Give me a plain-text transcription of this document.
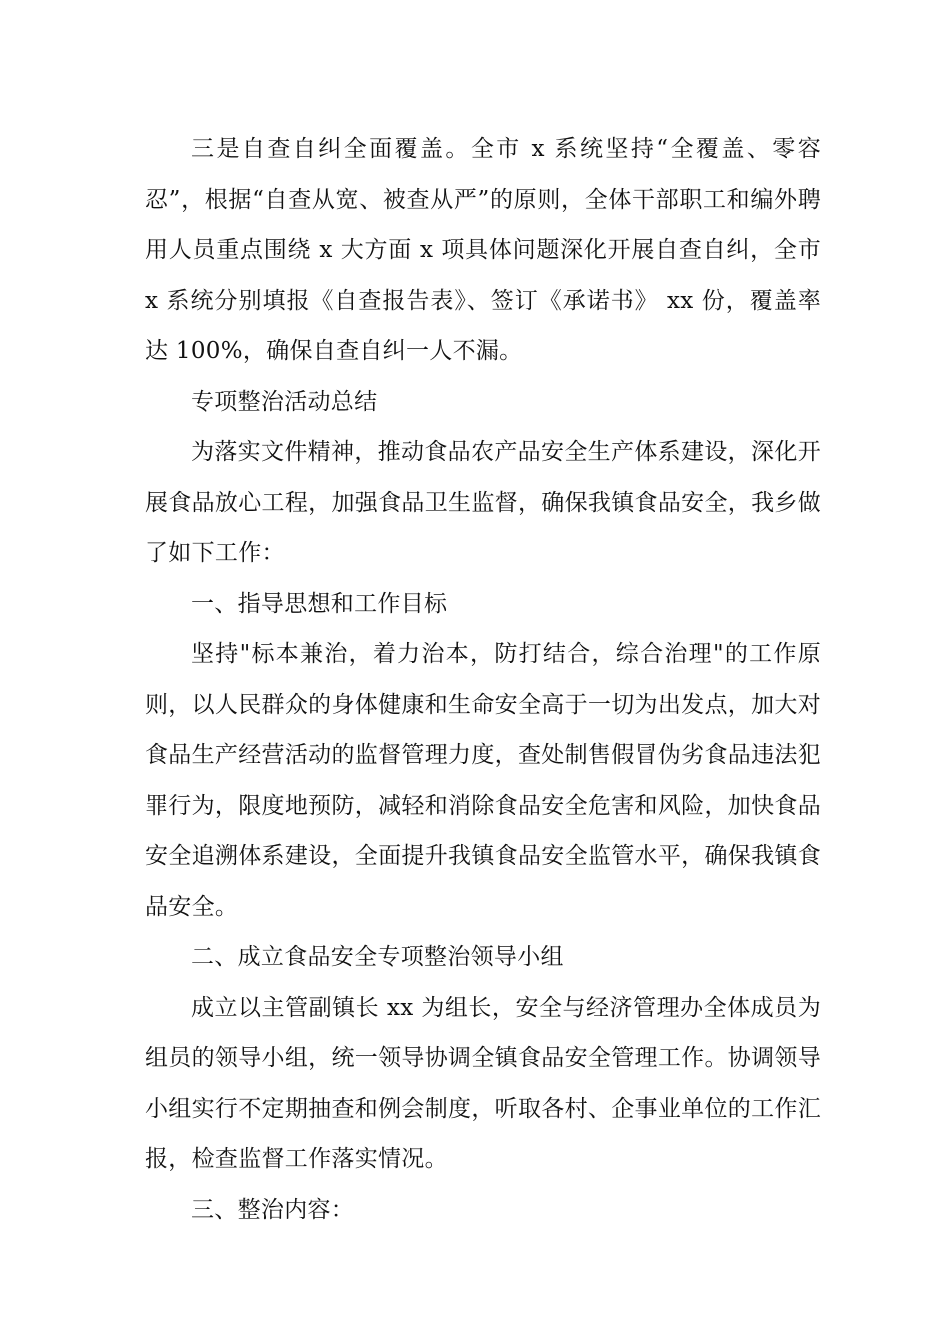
三是自查自纠全面覆盖。全市 x 系统坚持“全覆盖、零容忍”，根据“自查从宽、被查从严”的原则，全体干部职工和编外聘用人员重点围绕 x 大方面 x 项具体问题深化开展自查自纠，全市 x 系统分别填报《自查报告表》、签订《承诺书》 xx 份，覆盖率达 100%，确保自查自纠一人不漏。

专项整治活动总结

为落实文件精神，推动食品农产品安全生产体系建设，深化开展食品放心工程，加强食品卫生监督，确保我镇食品安全，我乡做了如下工作：

一、指导思想和工作目标

坚持"标本兼治，着力治本，防打结合，综合治理"的工作原则，以人民群众的身体健康和生命安全高于一切为出发点，加大对食品生产经营活动的监督管理力度，查处制售假冒伪劣食品违法犯罪行为，限度地预防，减轻和消除食品安全危害和风险，加快食品安全追溯体系建设，全面提升我镇食品安全监管水平，确保我镇食品安全。

二、成立食品安全专项整治领导小组

成立以主管副镇长 xx 为组长，安全与经济管理办全体成员为组员的领导小组，统一领导协调全镇食品安全管理工作。协调领导小组实行不定期抽查和例会制度，听取各村、企事业单位的工作汇报，检查监督工作落实情况。

三、整治内容：
